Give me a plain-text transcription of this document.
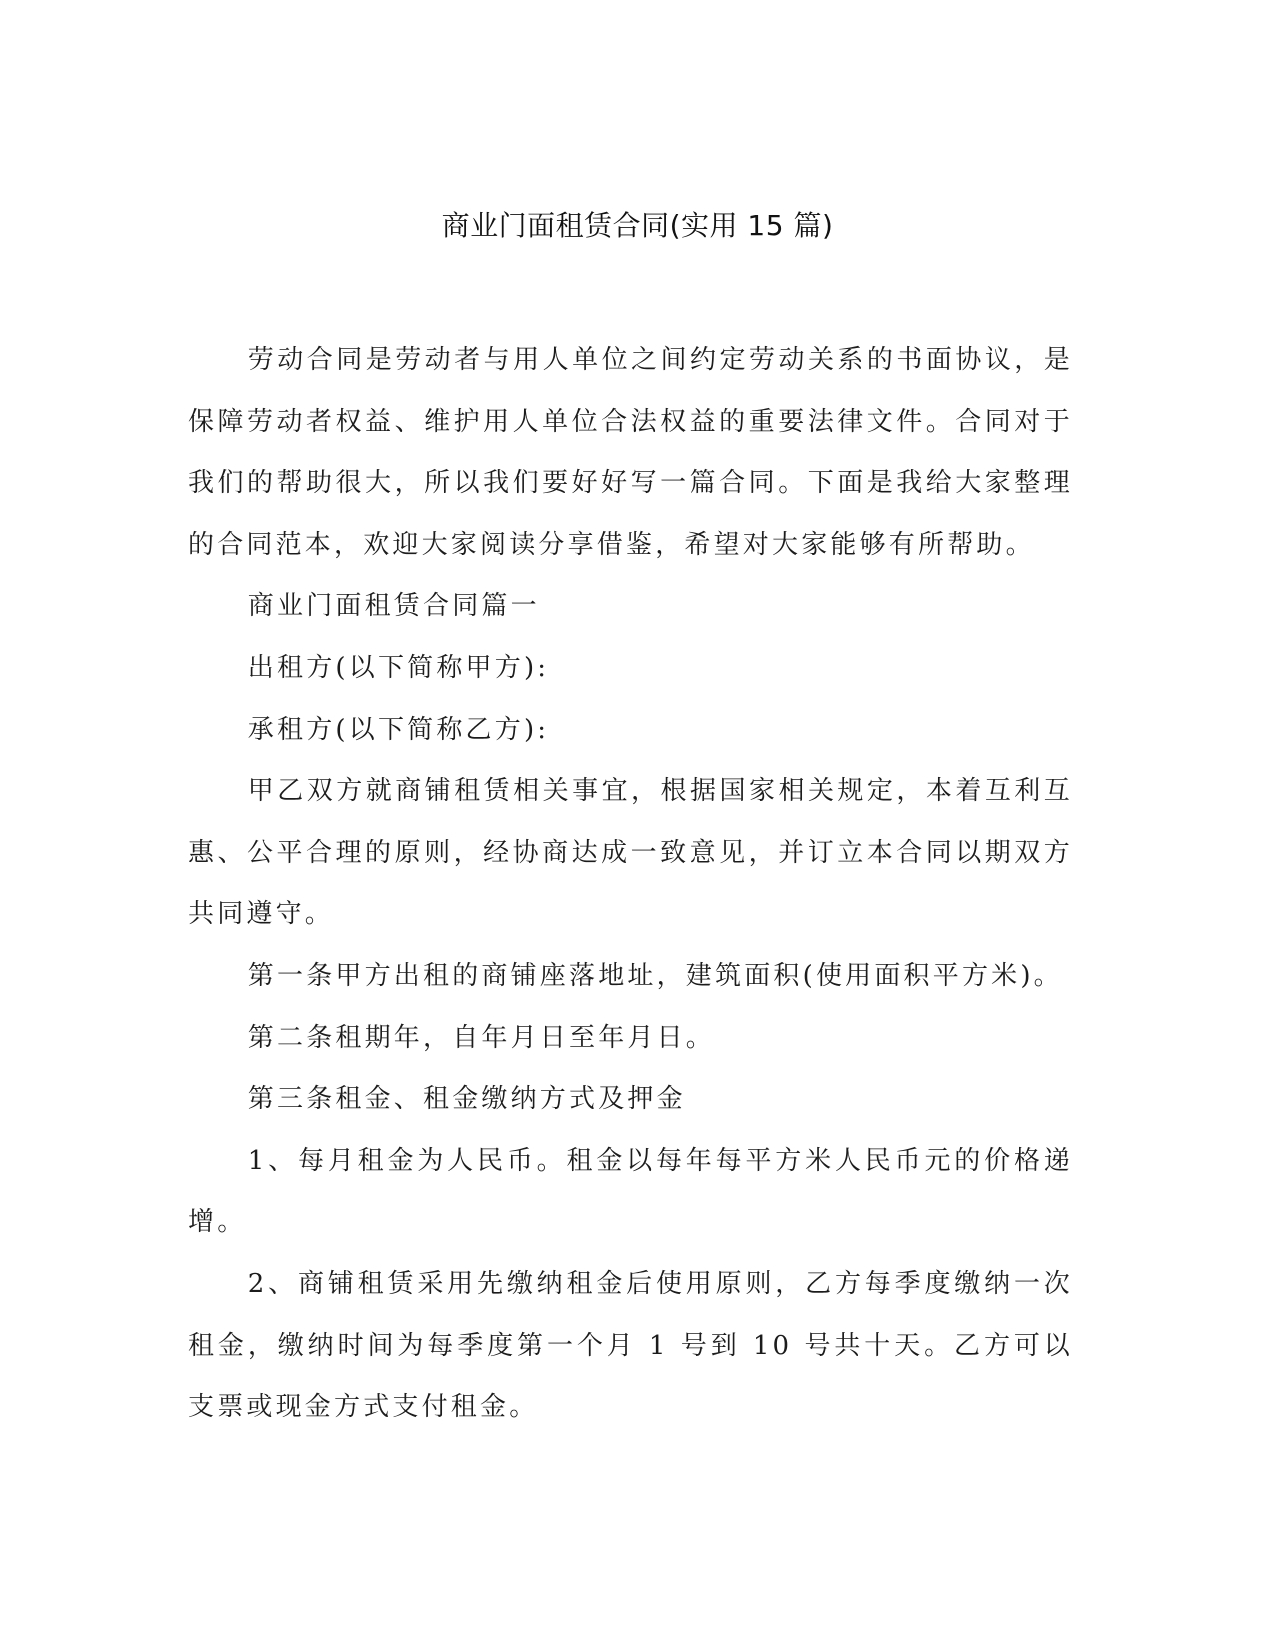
商业门面租赁合同(实用 15 篇)

劳动合同是劳动者与用人单位之间约定劳动关系的书面协议，是保障劳动者权益、维护用人单位合法权益的重要法律文件。合同对于我们的帮助很大，所以我们要好好写一篇合同。下面是我给大家整理的合同范本，欢迎大家阅读分享借鉴，希望对大家能够有所帮助。

商业门面租赁合同篇一

出租方(以下简称甲方):

承租方(以下简称乙方):

甲乙双方就商铺租赁相关事宜，根据国家相关规定，本着互利互惠、公平合理的原则，经协商达成一致意见，并订立本合同以期双方共同遵守。

第一条甲方出租的商铺座落地址，建筑面积(使用面积平方米)。

第二条租期年，自年月日至年月日。

第三条租金、租金缴纳方式及押金

1、每月租金为人民币。租金以每年每平方米人民币元的价格递增。

2、商铺租赁采用先缴纳租金后使用原则，乙方每季度缴纳一次租金，缴纳时间为每季度第一个月 1 号到 10 号共十天。乙方可以支票或现金方式支付租金。
